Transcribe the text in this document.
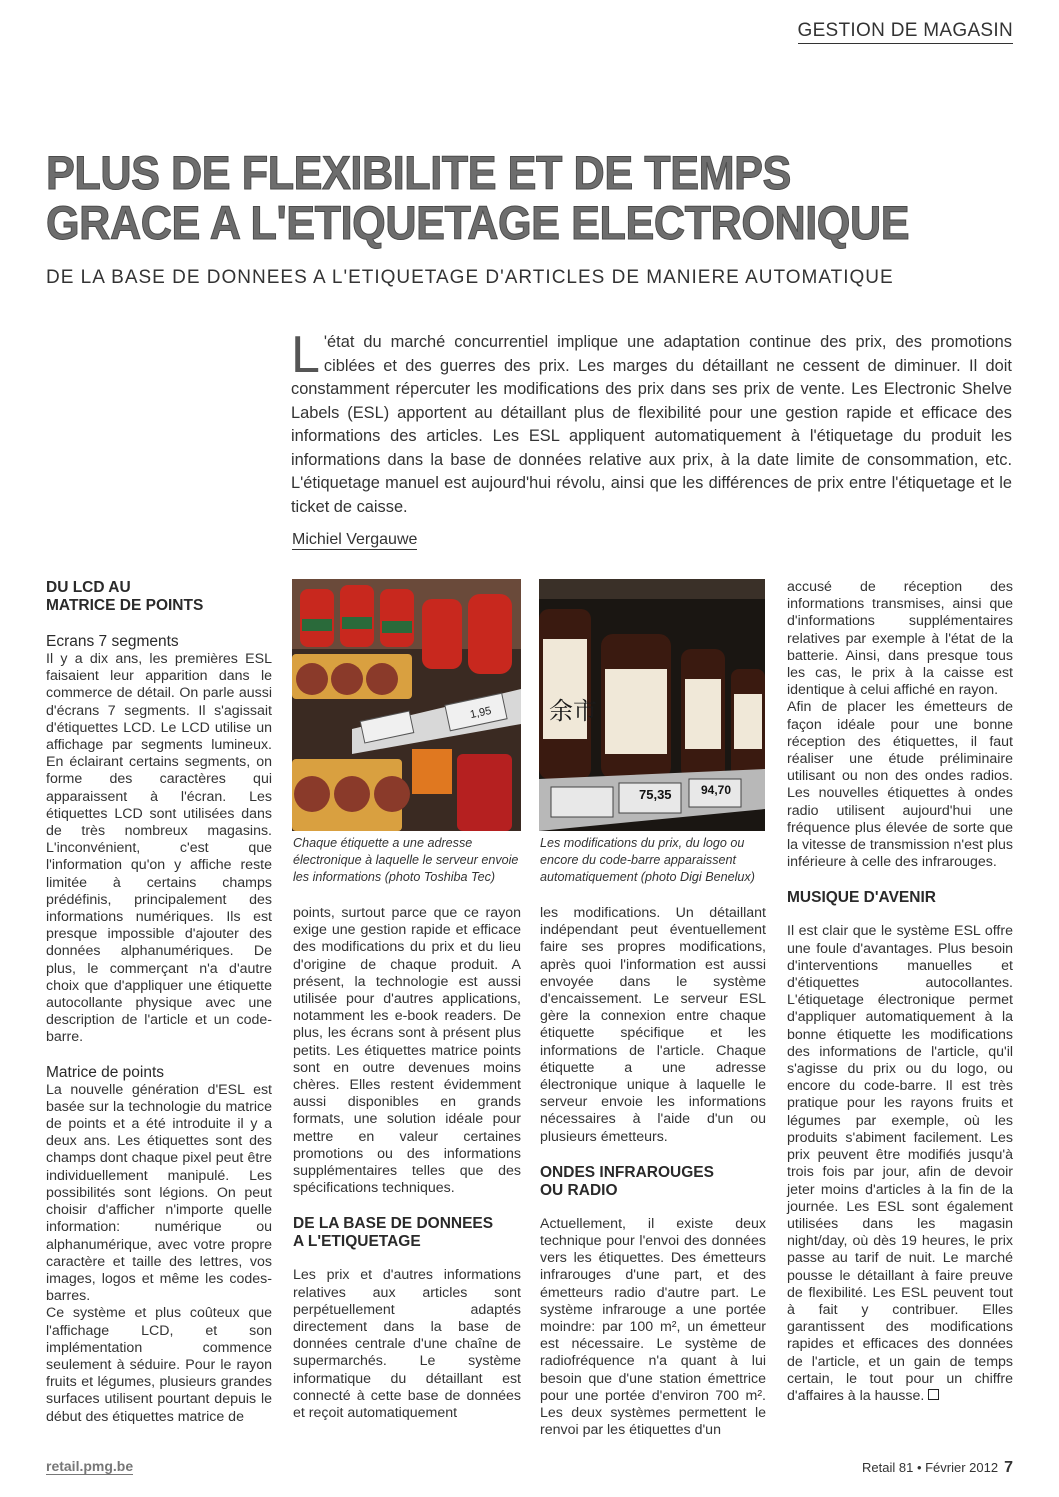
GESTION DE MAGASIN
PLUS DE FLEXIBILITE ET DE TEMPS
GRACE A L'ETIQUETAGE ELECTRONIQUE
DE LA BASE DE DONNEES A L'ETIQUETAGE D'ARTICLES DE MANIERE AUTOMATIQUE
L 'état du marché concurrentiel implique une adaptation continue des prix, des promotions ciblées et des guerres des prix. Les marges du détaillant ne cessent de diminuer. Il doit constamment répercuter les modifications des prix dans ses prix de vente. Les Electronic Shelve Labels (ESL) apportent au détaillant plus de flexibilité pour une gestion rapide et efficace des informations des articles. Les ESL appliquent automatiquement à l'étiquetage du produit les informations dans la base de données relative aux prix, à la date limite de consommation, etc. L'étiquetage manuel est aujourd'hui révolu, ainsi que les différences de prix entre l'étiquetage et le ticket de caisse.
Michiel Vergauwe
DU LCD AU
MATRICE DE POINTS
Ecrans 7 segments

Il y a dix ans, les premières ESL faisaient leur apparition dans le commerce de détail. On parle aussi d'écrans 7 segments. Il s'agissait d'étiquettes LCD. Le LCD utilise un affichage par segments lumineux. En éclairant certains segments, on forme des caractères qui apparaissent à l'écran. Les étiquettes LCD sont utilisées dans de très nombreux magasins. L'inconvénient, c'est que l'information qu'on y affiche reste limitée à certains champs prédéfinis, principalement des informations numériques. Ils est presque impossible d'ajouter des données alphanumériques. De plus, le commerçant n'a d'autre choix que d'appliquer une étiquette autocollante physique avec une description de l'article et un code-barre.

Matrice de points

La nouvelle génération d'ESL est basée sur la technologie du matrice de points et a été introduite il y a deux ans. Les étiquettes sont des champs dont chaque pixel peut être individuellement manipulé. Les possibilités sont légions. On peut choisir d'afficher n'importe quelle information: numérique ou alphanumérique, avec votre propre caractère et taille des lettres, vos images, logos et même les codes-barres.

Ce système et plus coûteux que l'affichage LCD, et son implémentation commence seulement à séduire. Pour le rayon fruits et légumes, plusieurs grandes surfaces utilisent pourtant depuis le début des étiquettes matrice de

1,95
Chaque étiquette a une adresse électronique à laquelle le serveur envoie les informations (photo Toshiba Tec)
余市
75,35 94,70
Les modifications du prix, du logo ou encore du code-barre apparaissent automatiquement (photo Digi Benelux)

points, surtout parce que ce rayon exige une gestion rapide et efficace des modifications du prix et du lieu d'origine de chaque produit. A présent, la technologie est aussi utilisée pour d'autres applications, notamment les e-book readers. De plus, les écrans sont à présent plus petits. Les étiquettes matrice points sont en outre devenues moins chères. Elles restent évidemment aussi disponibles en grands formats, une solution idéale pour mettre en valeur certaines promotions ou des informations supplémentaires telles que des spécifications techniques.

DE LA BASE DE DONNEES
A L'ETIQUETAGE

Les prix et d'autres informations relatives aux articles sont perpétuellement adaptés directement dans la base de données centrale d'une chaîne de supermarchés. Le système informatique du détaillant est connecté à cette base de données et reçoit automatiquement

les modifications. Un détaillant indépendant peut éventuellement faire ses propres modifications, après quoi l'information est aussi envoyée dans le système d'encaissement. Le serveur ESL gère la connexion entre chaque étiquette spécifique et les informations de l'article. Chaque étiquette a une adresse électronique unique à laquelle le serveur envoie les informations nécessaires à l'aide d'un ou plusieurs émetteurs.

ONDES INFRAROUGES
OU RADIO

Actuellement, il existe deux technique pour l'envoi des données vers les étiquettes. Des émetteurs infrarouges d'une part, et des émetteurs radio d'autre part. Le système infrarouge a une portée moindre: par 100 m², un émetteur est nécessaire. Le système de radiofréquence n'a quant à lui besoin que d'une station émettrice pour une portée d'environ 700 m². Les deux systèmes permettent le renvoi par les étiquettes d'un

accusé de réception des informations transmises, ainsi que d'informations supplémentaires relatives par exemple à l'état de la batterie. Ainsi, dans presque tous les cas, le prix à la caisse est identique à celui affiché en rayon.

Afin de placer les émetteurs de façon idéale pour une bonne réception des étiquettes, il faut réaliser une étude préliminaire utilisant ou non des ondes radios. Les nouvelles étiquettes à ondes radio utilisent aujourd'hui une fréquence plus élevée de sorte que la vitesse de transmission n'est plus inférieure à celle des infrarouges.

MUSIQUE D'AVENIR

Il est clair que le système ESL offre une foule d'avantages. Plus besoin d'interventions manuelles et d'étiquettes autocollantes. L'étiquetage électronique permet d'appliquer automatiquement à la bonne étiquette les modifications des informations de l'article, qu'il s'agisse du prix ou du logo, ou encore du code-barre. Il est très pratique pour les rayons fruits et légumes par exemple, où les produits s'abiment facilement. Les prix peuvent être modifiés jusqu'à trois fois par jour, afin de devoir jeter moins d'articles à la fin de la journée. Les ESL sont également utilisées dans les magasin night/day, où dès 19 heures, le prix passe au tarif de nuit. Le marché pousse le détaillant à faire preuve de flexibilité. Les ESL peuvent tout à fait y contribuer. Elles garantissent des modifications rapides et efficaces des données de l'article, et un gain de temps certain, le tout pour un chiffre d'affaires à la hausse.

retail.pmg.be	Retail 81 • Février 2012 7
